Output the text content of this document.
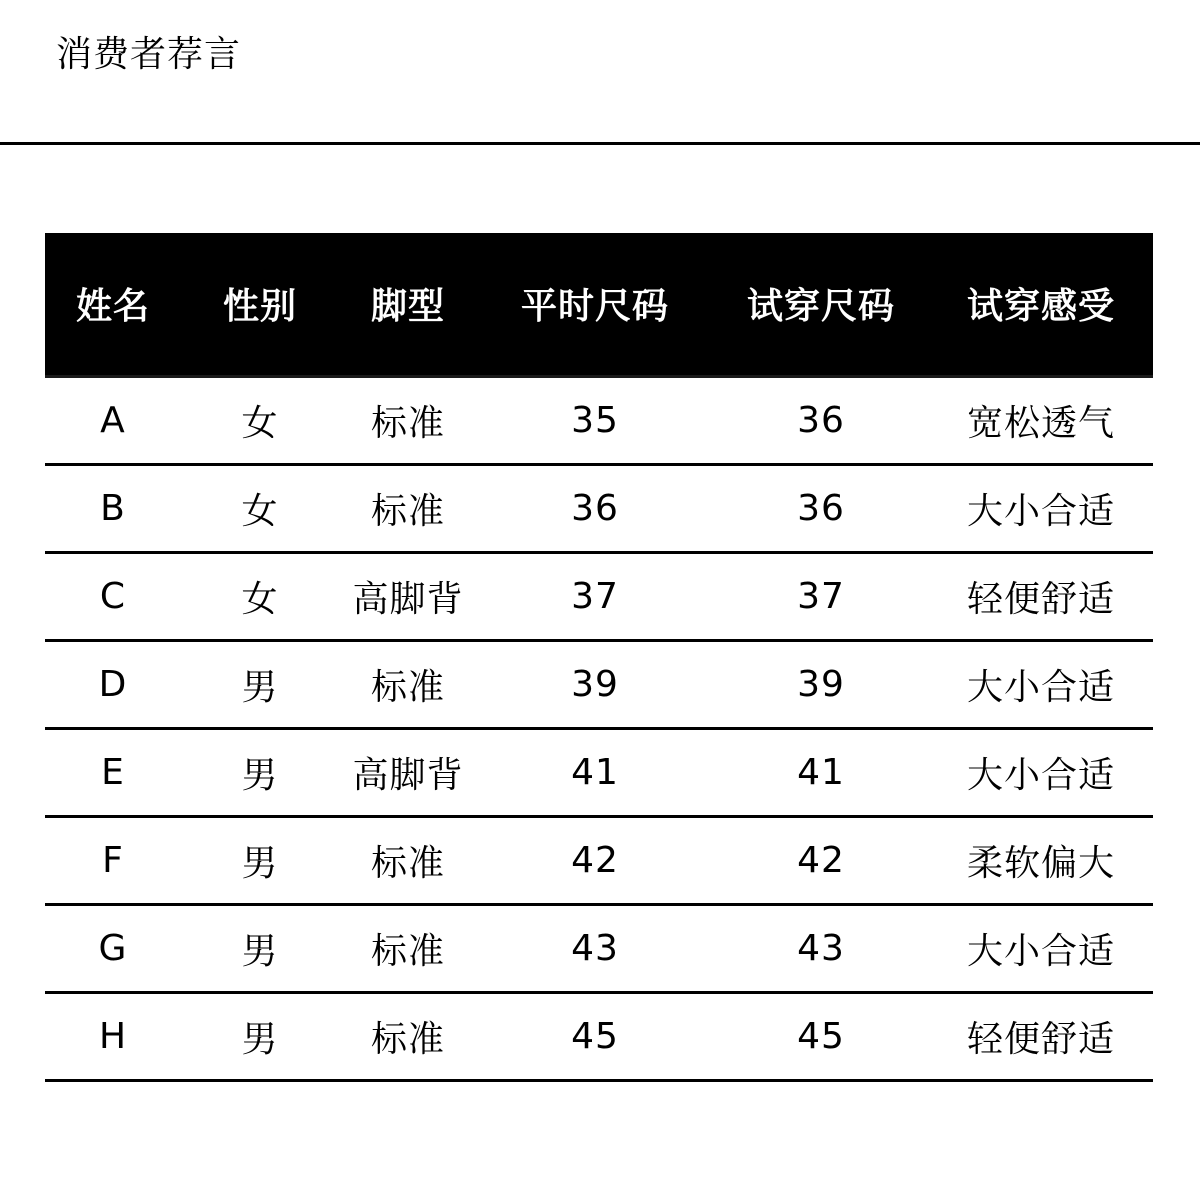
消费者荐言
姓名	性别	脚型	平时尺码	试穿尺码	试穿感受
A	女	标准	35	36	宽松透气
B	女	标准	36	36	大小合适
C	女	高脚背	37	37	轻便舒适
D	男	标准	39	39	大小合适
E	男	高脚背	41	41	大小合适
F	男	标准	42	42	柔软偏大
G	男	标准	43	43	大小合适
H	男	标准	45	45	轻便舒适
